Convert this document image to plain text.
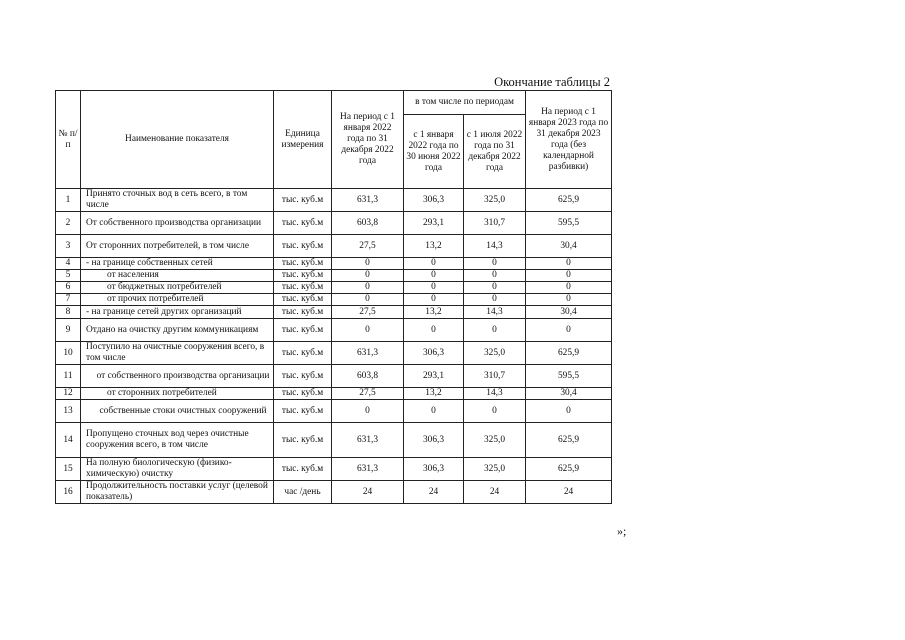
Окончание таблицы 2
№ п/п	Наименование показателя	Единица измерения	На период с 1 января 2022 года по 31 декабря 2022 года	в том числе по периодам		На период с 1 января 2023 года по 31 декабря 2023 года (без календарной разбивки)
				с 1 января 2022 года по 30 июня 2022 года	с 1 июля 2022 года по 31 декабря 2022 года	
1	Принято сточных вод в сеть всего, в том числе	тыс. куб.м	631,3	306,3	325,0	625,9
2	От собственного производства организации	тыс. куб.м	603,8	293,1	310,7	595,5
3	От сторонних потребителей, в том числе	тыс. куб.м	27,5	13,2	14,3	30,4
4	- на границе собственных сетей	тыс. куб.м	0	0	0	0
5	от населения	тыс. куб.м	0	0	0	0
6	от бюджетных потребителей	тыс. куб.м	0	0	0	0
7	от прочих потребителей	тыс. куб.м	0	0	0	0
8	- на границе сетей других организаций	тыс. куб.м	27,5	13,2	14,3	30,4
9	Отдано на очистку другим коммуникациям	тыс. куб.м	0	0	0	0
10	Поступило на очистные сооружения всего, в том числе	тыс. куб.м	631,3	306,3	325,0	625,9
11	от собственного производства организации	тыс. куб.м	603,8	293,1	310,7	595,5
12	от сторонних потребителей	тыс. куб.м	27,5	13,2	14,3	30,4
13	собственные стоки очистных сооружений	тыс. куб.м	0	0	0	0
14	Пропущено сточных вод через очистные сооружения всего, в том числе	тыс. куб.м	631,3	306,3	325,0	625,9
15	На полную биологическую (физико-химическую) очистку	тыс. куб.м	631,3	306,3	325,0	625,9
16	Продолжительность поставки услуг (целевой показатель)	час /день	24	24	24	24
»;
